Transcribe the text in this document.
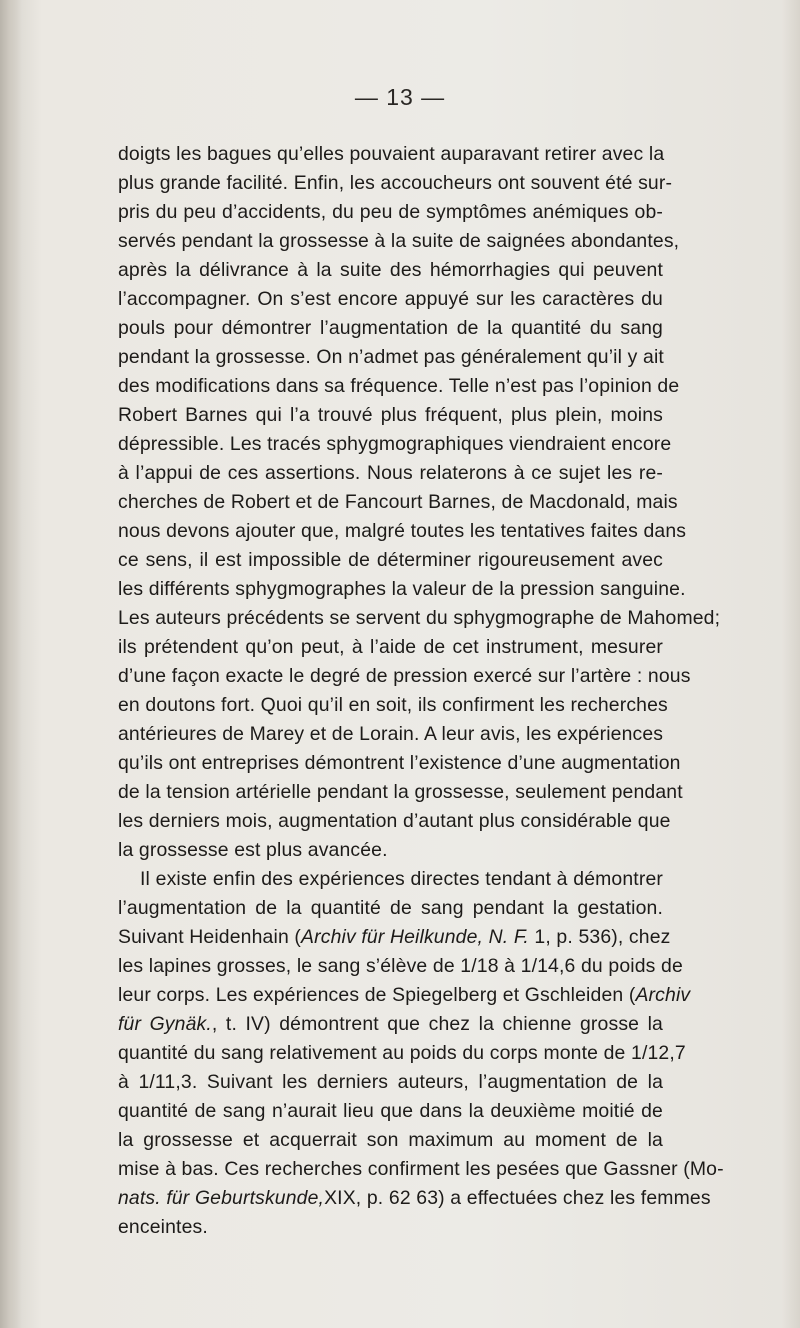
— 13 —
doigts les bagues qu’elles pouvaient auparavant retirer avec la
plus grande facilité. Enfin, les accoucheurs ont souvent été sur-
pris du peu d’accidents, du peu de symptômes anémiques ob-
servés pendant la grossesse à la suite de saignées abondantes,
après la délivrance à la suite des hémorrhagies qui peuvent
l’accompagner. On s’est encore appuyé sur les caractères du
pouls pour démontrer l’augmentation de la quantité du sang
pendant la grossesse. On n’admet pas généralement qu’il y ait
des modifications dans sa fréquence. Telle n’est pas l’opinion de
Robert Barnes qui l’a trouvé plus fréquent, plus plein, moins
dépressible. Les tracés sphygmographiques viendraient encore
à l’appui de ces assertions. Nous relaterons à ce sujet les re-
cherches de Robert et de Fancourt Barnes, de Macdonald, mais
nous devons ajouter que, malgré toutes les tentatives faites dans
ce sens, il est impossible de déterminer rigoureusement avec
les différents sphygmographes la valeur de la pression sanguine.
Les auteurs précédents se servent du sphygmographe de Mahomed;
ils prétendent qu’on peut, à l’aide de cet instrument, mesurer
d’une façon exacte le degré de pression exercé sur l’artère : nous
en doutons fort. Quoi qu’il en soit, ils confirment les recherches
antérieures de Marey et de Lorain. A leur avis, les expériences
qu’ils ont entreprises démontrent l’existence d’une augmentation
de la tension artérielle pendant la grossesse, seulement pendant
les derniers mois, augmentation d’autant plus considérable que
la grossesse est plus avancée.
Il existe enfin des expériences directes tendant à démontrer
l’augmentation de la quantité de sang pendant la gestation.
Suivant Heidenhain (Archiv für Heilkunde, N. F. 1, p. 536), chez
les lapines grosses, le sang s’élève de 1/18 à 1/14,6 du poids de
leur corps. Les expériences de Spiegelberg et Gschleiden (Archiv
für Gynäk., t. IV) démontrent que chez la chienne grosse la
quantité du sang relativement au poids du corps monte de 1/12,7
à 1/11,3. Suivant les derniers auteurs, l’augmentation de la
quantité de sang n’aurait lieu que dans la deuxième moitié de
la grossesse et acquerrait son maximum au moment de la
mise à bas. Ces recherches confirment les pesées que Gassner (Mo-
nats. für Geburtskunde,XIX, p. 62 63) a effectuées chez les femmes
enceintes.
